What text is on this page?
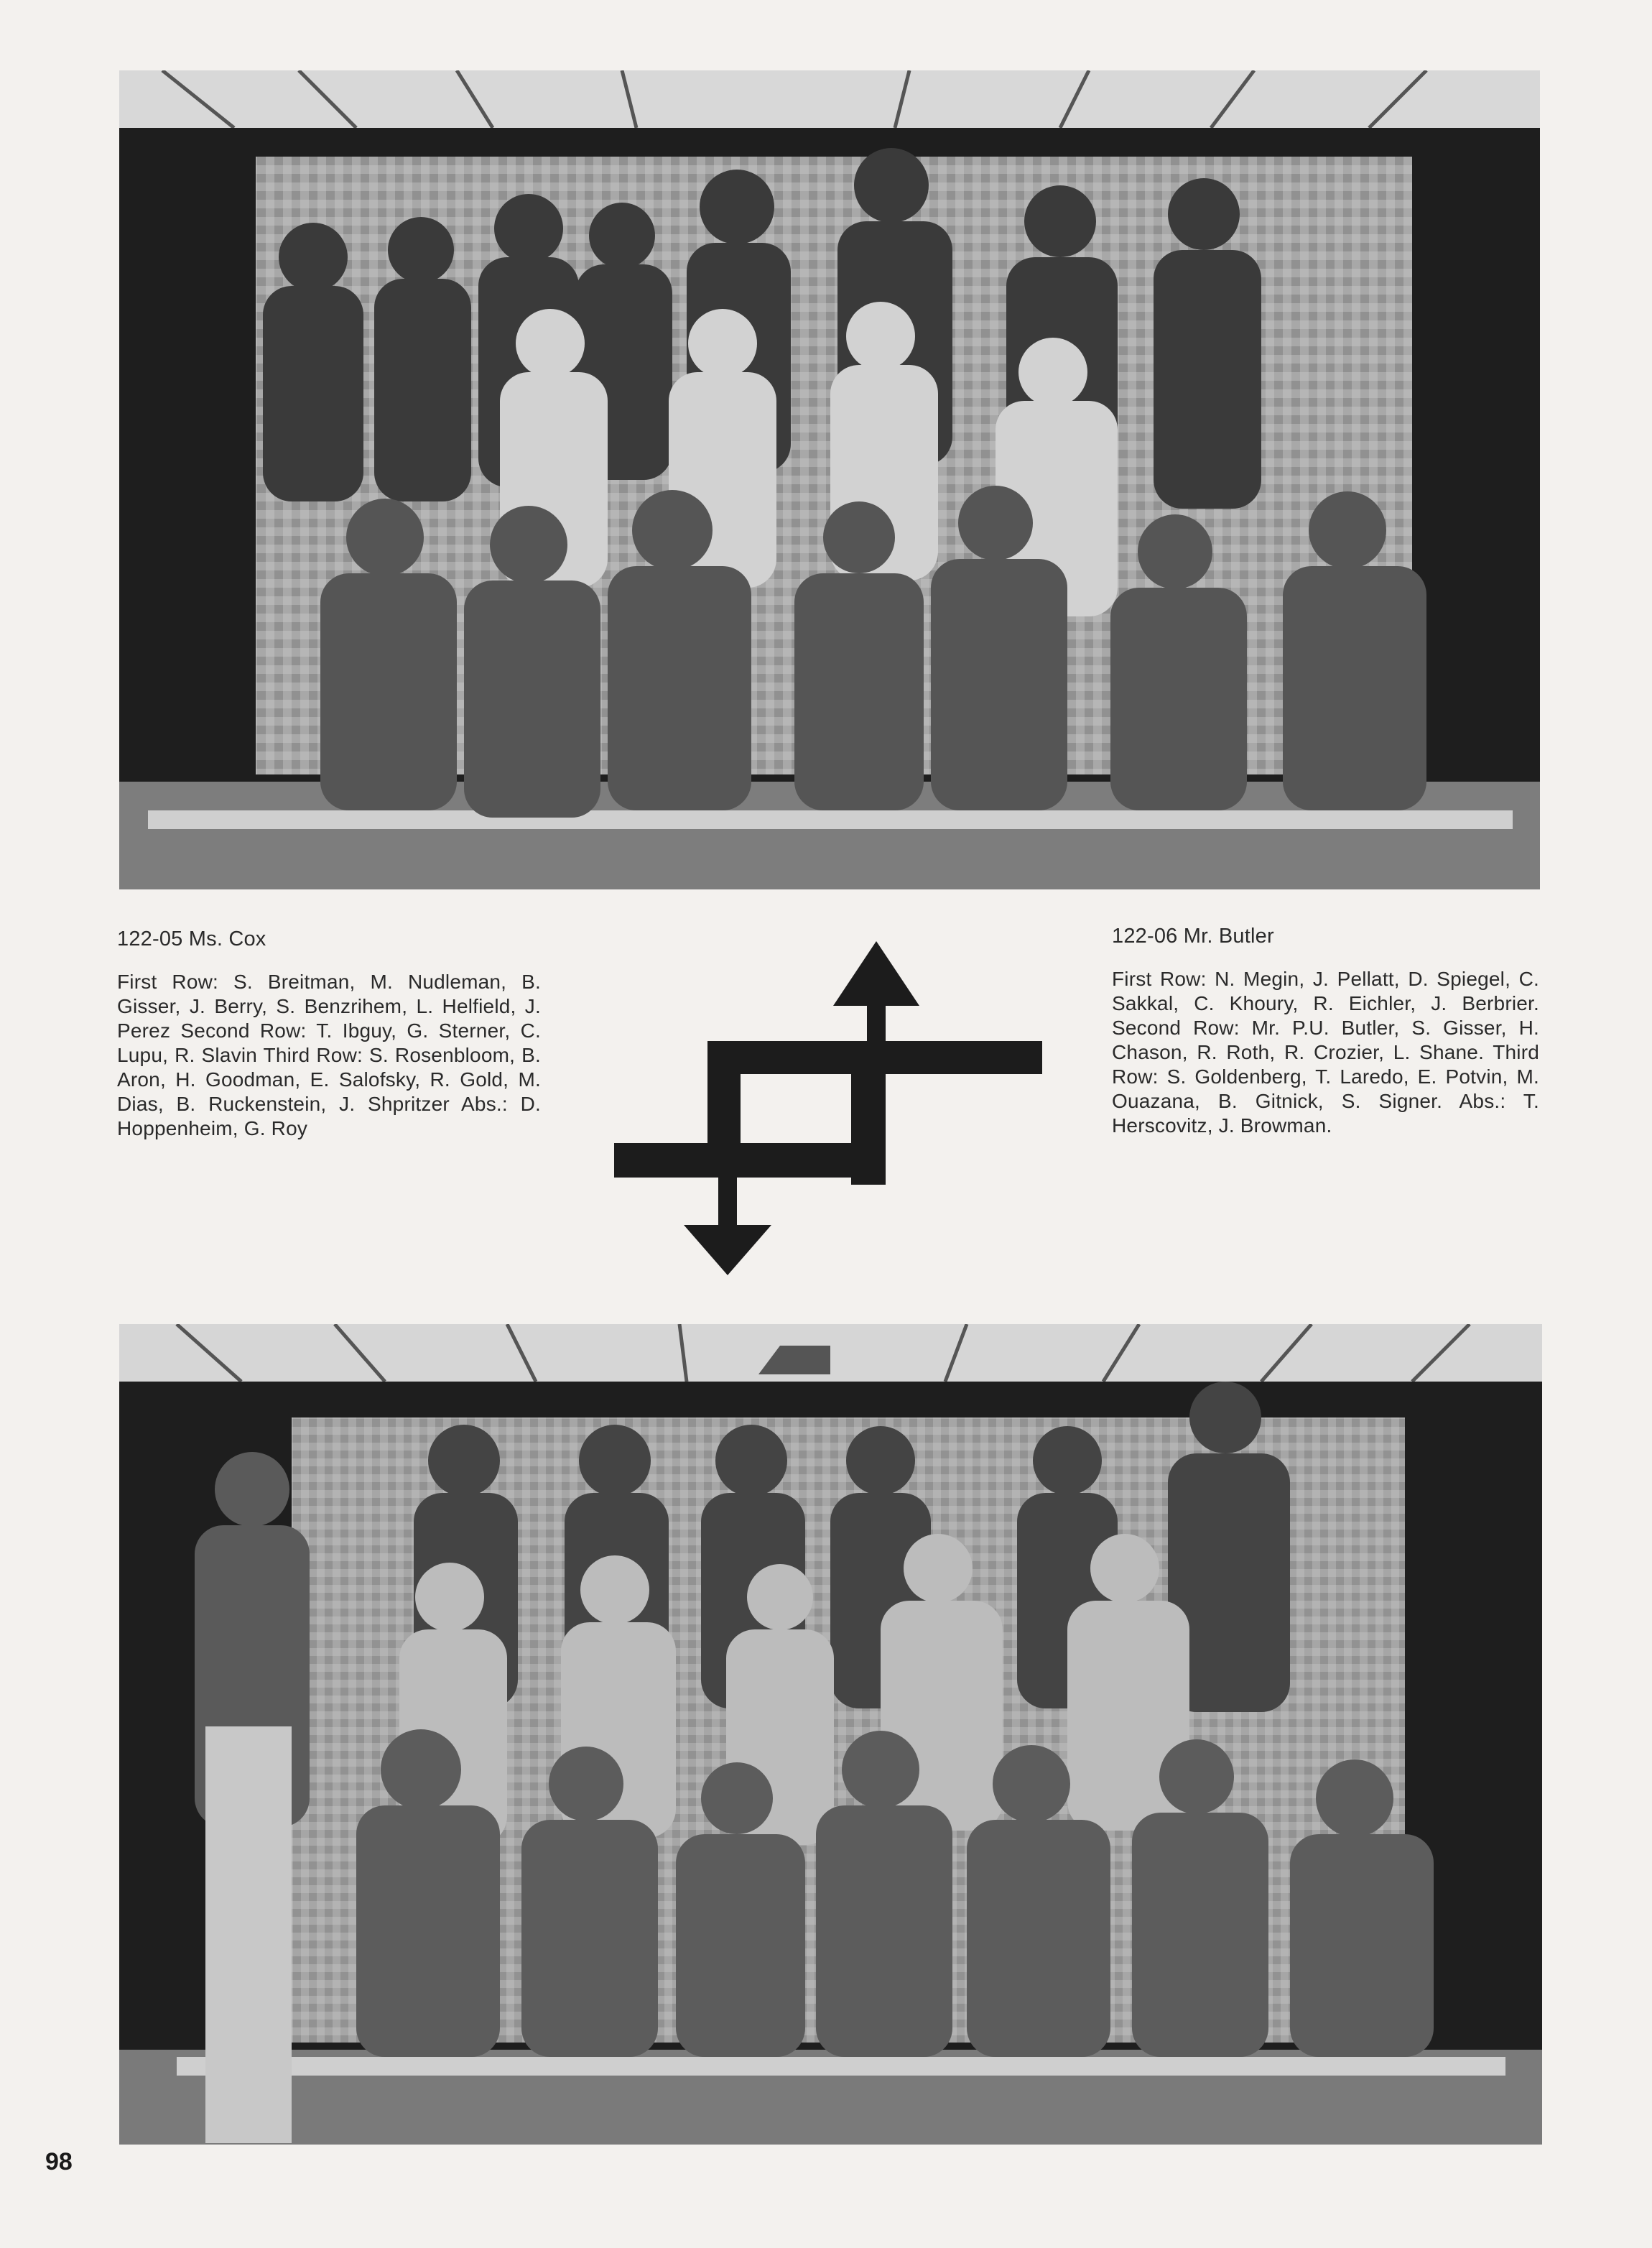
122-05 Ms. Cox
First Row: S. Breitman, M. Nudleman, B. Gisser, J. Berry, S. Benzrihem, L. Helfield, J. Perez Second Row: T. Ibguy, G. Sterner, C. Lupu, R. Slavin Third Row: S. Rosenbloom, B. Aron, H. Goodman, E. Salofsky, R. Gold, M. Dias, B. Ruckenstein, J. Shpritzer Abs.: D. Hoppenheim, G. Roy
122-06 Mr. Butler
First Row: N. Megin, J. Pellatt, D. Spiegel, C. Sakkal, C. Khoury, R. Eichler, J. Berbrier. Second Row: Mr. P.U. Butler, S. Gisser, H. Chason, R. Roth, R. Crozier, L. Shane. Third Row: S. Goldenberg, T. Laredo, E. Potvin, M. Ouazana, B. Gitnick, S. Signer. Abs.: T. Herscovitz, J. Browman.
98
